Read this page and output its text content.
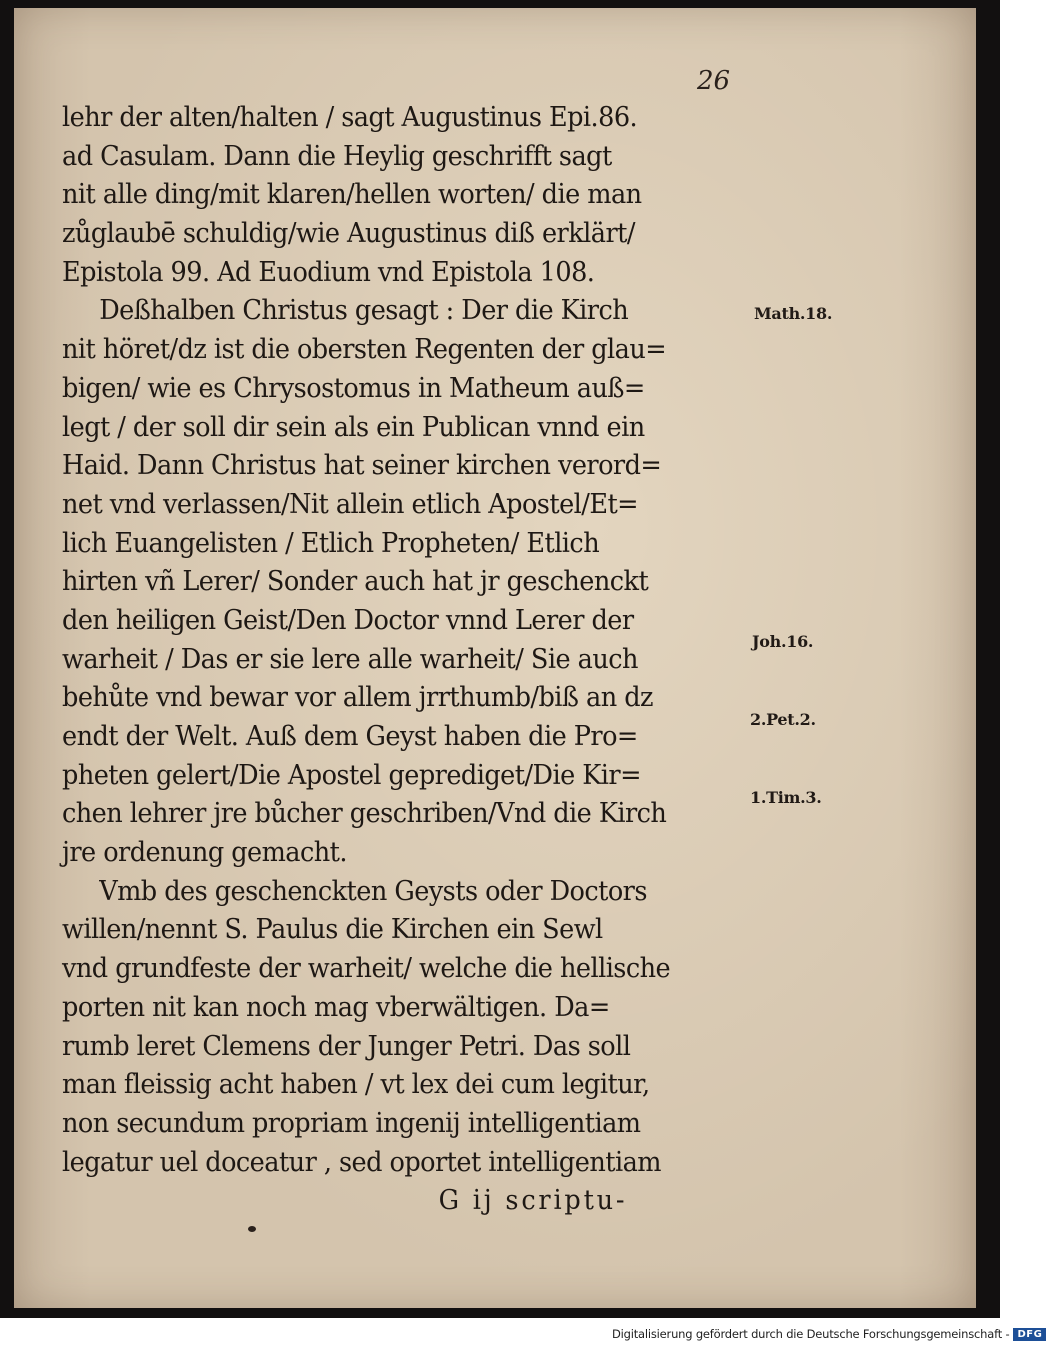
26
lehr der alten/halten / sagt Augustinus Epi.86.
ad Casulam. Dann die Heylig geschrifft sagt
nit alle ding/mit klaren/hellen worten/ die man
zůglaubē schuldig/wie Augustinus diß erklärt/
Epistola 99. Ad Euodium vnd Epistola 108.
Deßhalben Christus gesagt : Der die Kirch
nit höret/dz ist die obersten Regenten der glau=
bigen/ wie es Chrysostomus in Matheum auß=
legt / der soll dir sein als ein Publican vnnd ein
Haid. Dann Christus hat seiner kirchen verord=
net vnd verlassen/Nit allein etlich Apostel/Et=
lich Euangelisten / Etlich Propheten/ Etlich
hirten vñ Lerer/ Sonder auch hat jr geschenckt
den heiligen Geist/Den Doctor vnnd Lerer der
warheit / Das er sie lere alle warheit/ Sie auch
behůte vnd bewar vor allem jrrthumb/biß an dz
endt der Welt. Auß dem Geyst haben die Pro=
pheten gelert/Die Apostel geprediget/Die Kir=
chen lehrer jre bůcher geschriben/Vnd die Kirch
jre ordenung gemacht.
Vmb des geschenckten Geysts oder Doctors
willen/nennt S. Paulus die Kirchen ein Sewl
vnd grundfeste der warheit/ welche die hellische
porten nit kan noch mag vberwältigen. Da=
rumb leret Clemens der Junger Petri. Das soll
man fleissig acht haben / vt lex dei cum legitur,
non secundum propriam ingenij intelligentiam
legatur uel doceatur , sed oportet intelligentiam
G ij scriptu-
Math.18.
Joh.16.
2.Pet.2.
1.Tim.3.
Digitalisierung gefördert durch die Deutsche Forschungsgemeinschaft - DFG
